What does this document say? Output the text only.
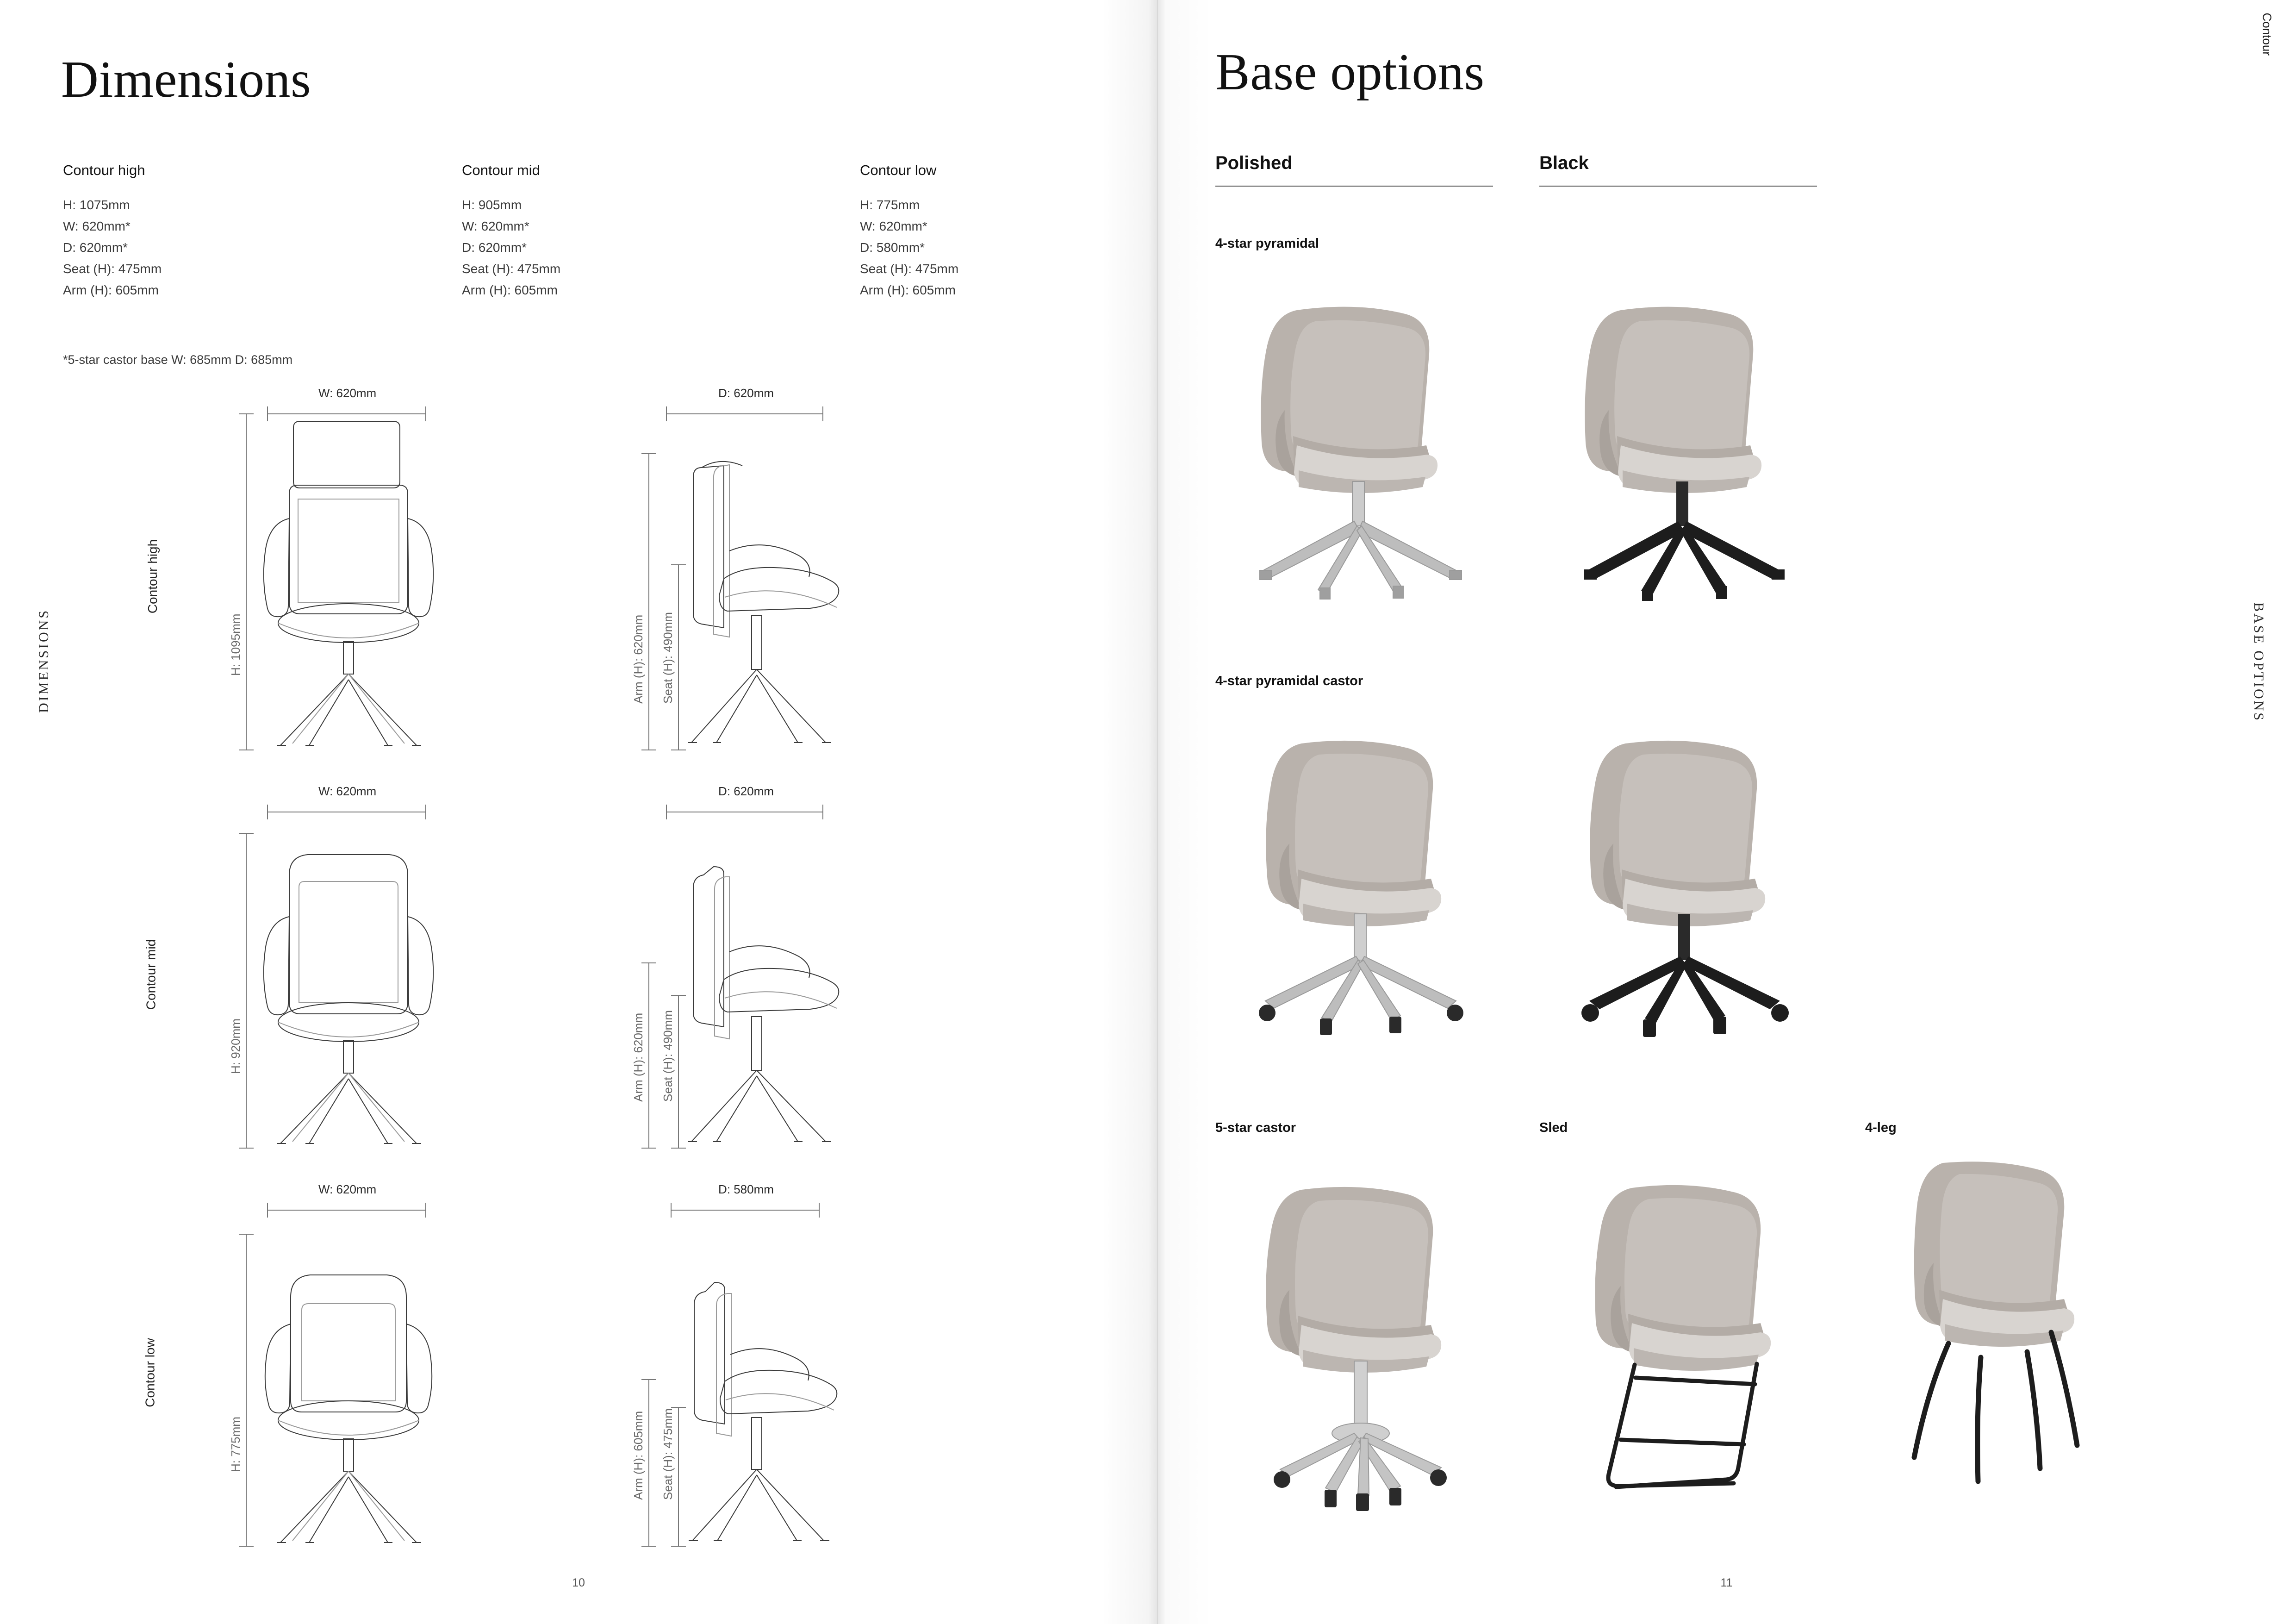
Dimensions
DIMENSIONS
Contour high
H: 1075mm
W: 620mm*
D: 620mm*
Seat (H): 475mm
Arm (H): 605mm
Contour mid
H: 905mm
W: 620mm*
D: 620mm*
Seat (H): 475mm
Arm (H): 605mm
Contour low
H: 775mm
W: 620mm*
D: 580mm*
Seat (H): 475mm
Arm (H): 605mm
*5-star castor base W: 685mm D: 685mm
Contour high
W: 620mm
H: 1095mm
D: 620mm
Arm (H): 620mm Seat (H): 490mm
Contour mid
W: 620mm
H: 920mm
D: 620mm
Arm (H): 620mm Seat (H): 490mm
Contour low
W: 620mm
H: 775mm
D: 580mm
Arm (H): 605mm Seat (H): 475mm
10
Base options
Contour
BASE OPTIONS
Polished	Black
4-star pyramidal
4-star pyramidal castor
5-star castor	Sled	4-leg
11
